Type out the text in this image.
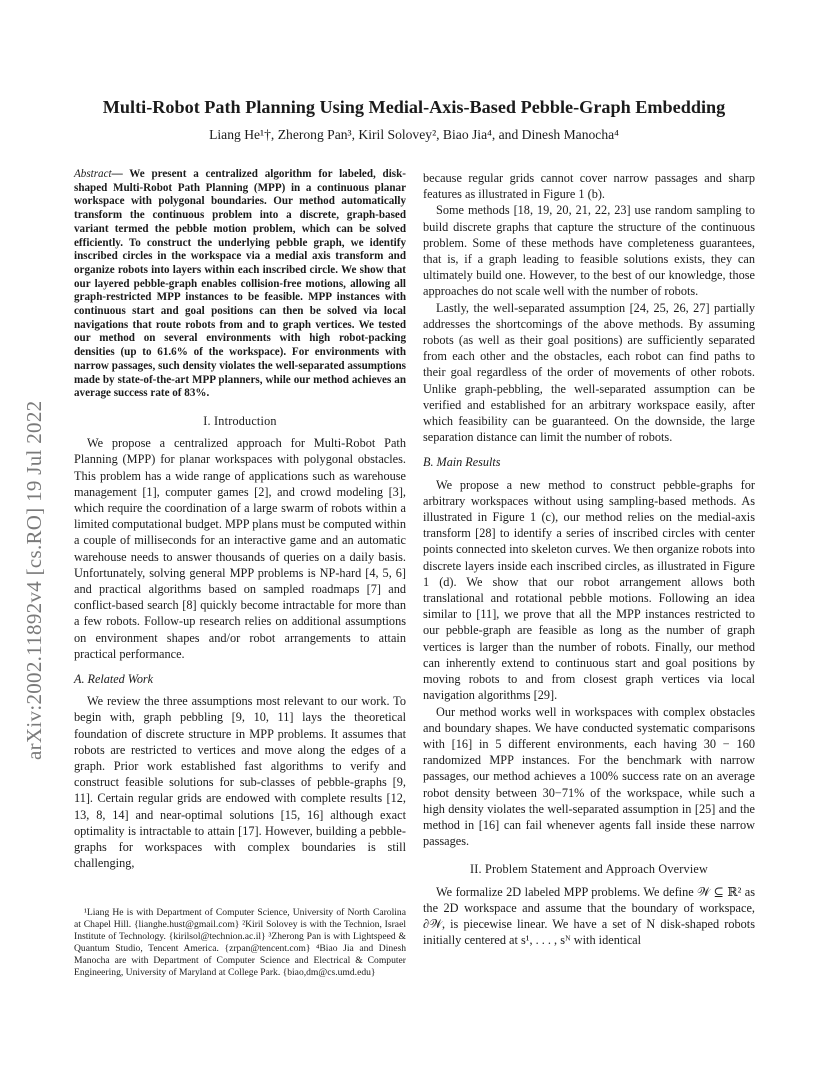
arXiv:2002.11892v4 [cs.RO] 19 Jul 2022
Multi-Robot Path Planning Using Medial-Axis-Based Pebble-Graph Embedding
Liang He¹†, Zherong Pan³, Kiril Solovey², Biao Jia⁴, and Dinesh Manocha⁴
Abstract— We present a centralized algorithm for labeled, disk-shaped Multi-Robot Path Planning (MPP) in a continuous planar workspace with polygonal boundaries. Our method automatically transform the continuous problem into a discrete, graph-based variant termed the pebble motion problem, which can be solved efficiently. To construct the underlying pebble graph, we identify inscribed circles in the workspace via a medial axis transform and organize robots into layers within each inscribed circle. We show that our layered pebble-graph enables collision-free motions, allowing all graph-restricted MPP instances to be feasible. MPP instances with continuous start and goal positions can then be solved via local navigations that route robots from and to graph vertices. We tested our method on several environments with high robot-packing densities (up to 61.6% of the workspace). For environments with narrow passages, such density violates the well-separated assumptions made by state-of-the-art MPP planners, while our method achieves an average success rate of 83%.
I. Introduction

We propose a centralized approach for Multi-Robot Path Planning (MPP) for planar workspaces with polygonal obstacles. This problem has a wide range of applications such as warehouse management [1], computer games [2], and crowd modeling [3], which require the coordination of a large swarm of robots within a limited computational budget. MPP plans must be computed within a couple of milliseconds for an interactive game and an automatic warehouse needs to answer thousands of queries on a daily basis. Unfortunately, solving general MPP problems is NP-hard [4, 5, 6] and practical algorithms based on sampled roadmaps [7] and conflict-based search [8] quickly become intractable for more than a few robots. Follow-up research relies on additional assumptions on environment shapes and/or robot arrangements to attain practical performance.

A. Related Work

We review the three assumptions most relevant to our work. To begin with, graph pebbling [9, 10, 11] lays the theoretical foundation of discrete structure in MPP problems. It assumes that robots are restricted to vertices and move along the edges of a graph. Prior work established fast algorithms to verify and construct feasible solutions for sub-classes of pebble-graphs [9, 11]. Certain regular grids are endowed with complete results [12, 13, 8, 14] and near-optimal solutions [15, 16] although exact optimality is intractable to attain [17]. However, building a pebble-graphs for workspaces with complex boundaries is still challenging,

¹Liang He is with Department of Computer Science, University of North Carolina at Chapel Hill. {lianghe.hust@gmail.com} ²Kiril Solovey is with the Technion, Israel Institute of Technology. {kirilsol@technion.ac.il} ³Zherong Pan is with Lightspeed & Quantum Studio, Tencent America. {zrpan@tencent.com} ⁴Biao Jia and Dinesh Manocha are with Department of Computer Science and Electrical & Computer Engineering, University of Maryland at College Park. {biao,dm@cs.umd.edu}

because regular grids cannot cover narrow passages and sharp features as illustrated in Figure 1 (b).

Some methods [18, 19, 20, 21, 22, 23] use random sampling to build discrete graphs that capture the structure of the continuous problem. Some of these methods have completeness guarantees, that is, if a graph leading to feasible solutions exists, they can ultimately build one. However, to the best of our knowledge, those approaches do not scale well with the number of robots.

Lastly, the well-separated assumption [24, 25, 26, 27] partially addresses the shortcomings of the above methods. By assuming robots (as well as their goal positions) are sufficiently separated from each other and the obstacles, each robot can find paths to their goal regardless of the order of movements of other robots. Unlike graph-pebbling, the well-separated assumption can be verified and established for an arbitrary workspace easily, after which feasibility can be guaranteed. On the downside, the large separation distance can limit the number of robots.

B. Main Results

We propose a new method to construct pebble-graphs for arbitrary workspaces without using sampling-based methods. As illustrated in Figure 1 (c), our method relies on the medial-axis transform [28] to identify a series of inscribed circles with center points connected into skeleton curves. We then organize robots into discrete layers inside each inscribed circles, as illustrated in Figure 1 (d). We show that our robot arrangement allows both translational and rotational pebble motions. Following an idea similar to [11], we prove that all the MPP instances restricted to our pebble-graph are feasible as long as the number of graph vertices is larger than the number of robots. Finally, our method can inherently extend to continuous start and goal positions by moving robots to and from closest graph vertices via local navigation algorithms [29].

Our method works well in workspaces with complex obstacles and boundary shapes. We have conducted systematic comparisons with [16] in 5 different environments, each having 30 − 160 randomized MPP instances. For the benchmark with narrow passages, our method achieves a 100% success rate on an average robot density between 30−71% of the workspace, while such a high density violates the well-separated assumption in [25] and the method in [16] can fail whenever agents fall inside these narrow passages.

II. Problem Statement and Approach Overview

We formalize 2D labeled MPP problems. We define 𝒲 ⊆ ℝ² as the 2D workspace and assume that the boundary of workspace, ∂𝒲, is piecewise linear. We have a set of N disk-shaped robots initially centered at s¹, . . . , sᴺ with identical
